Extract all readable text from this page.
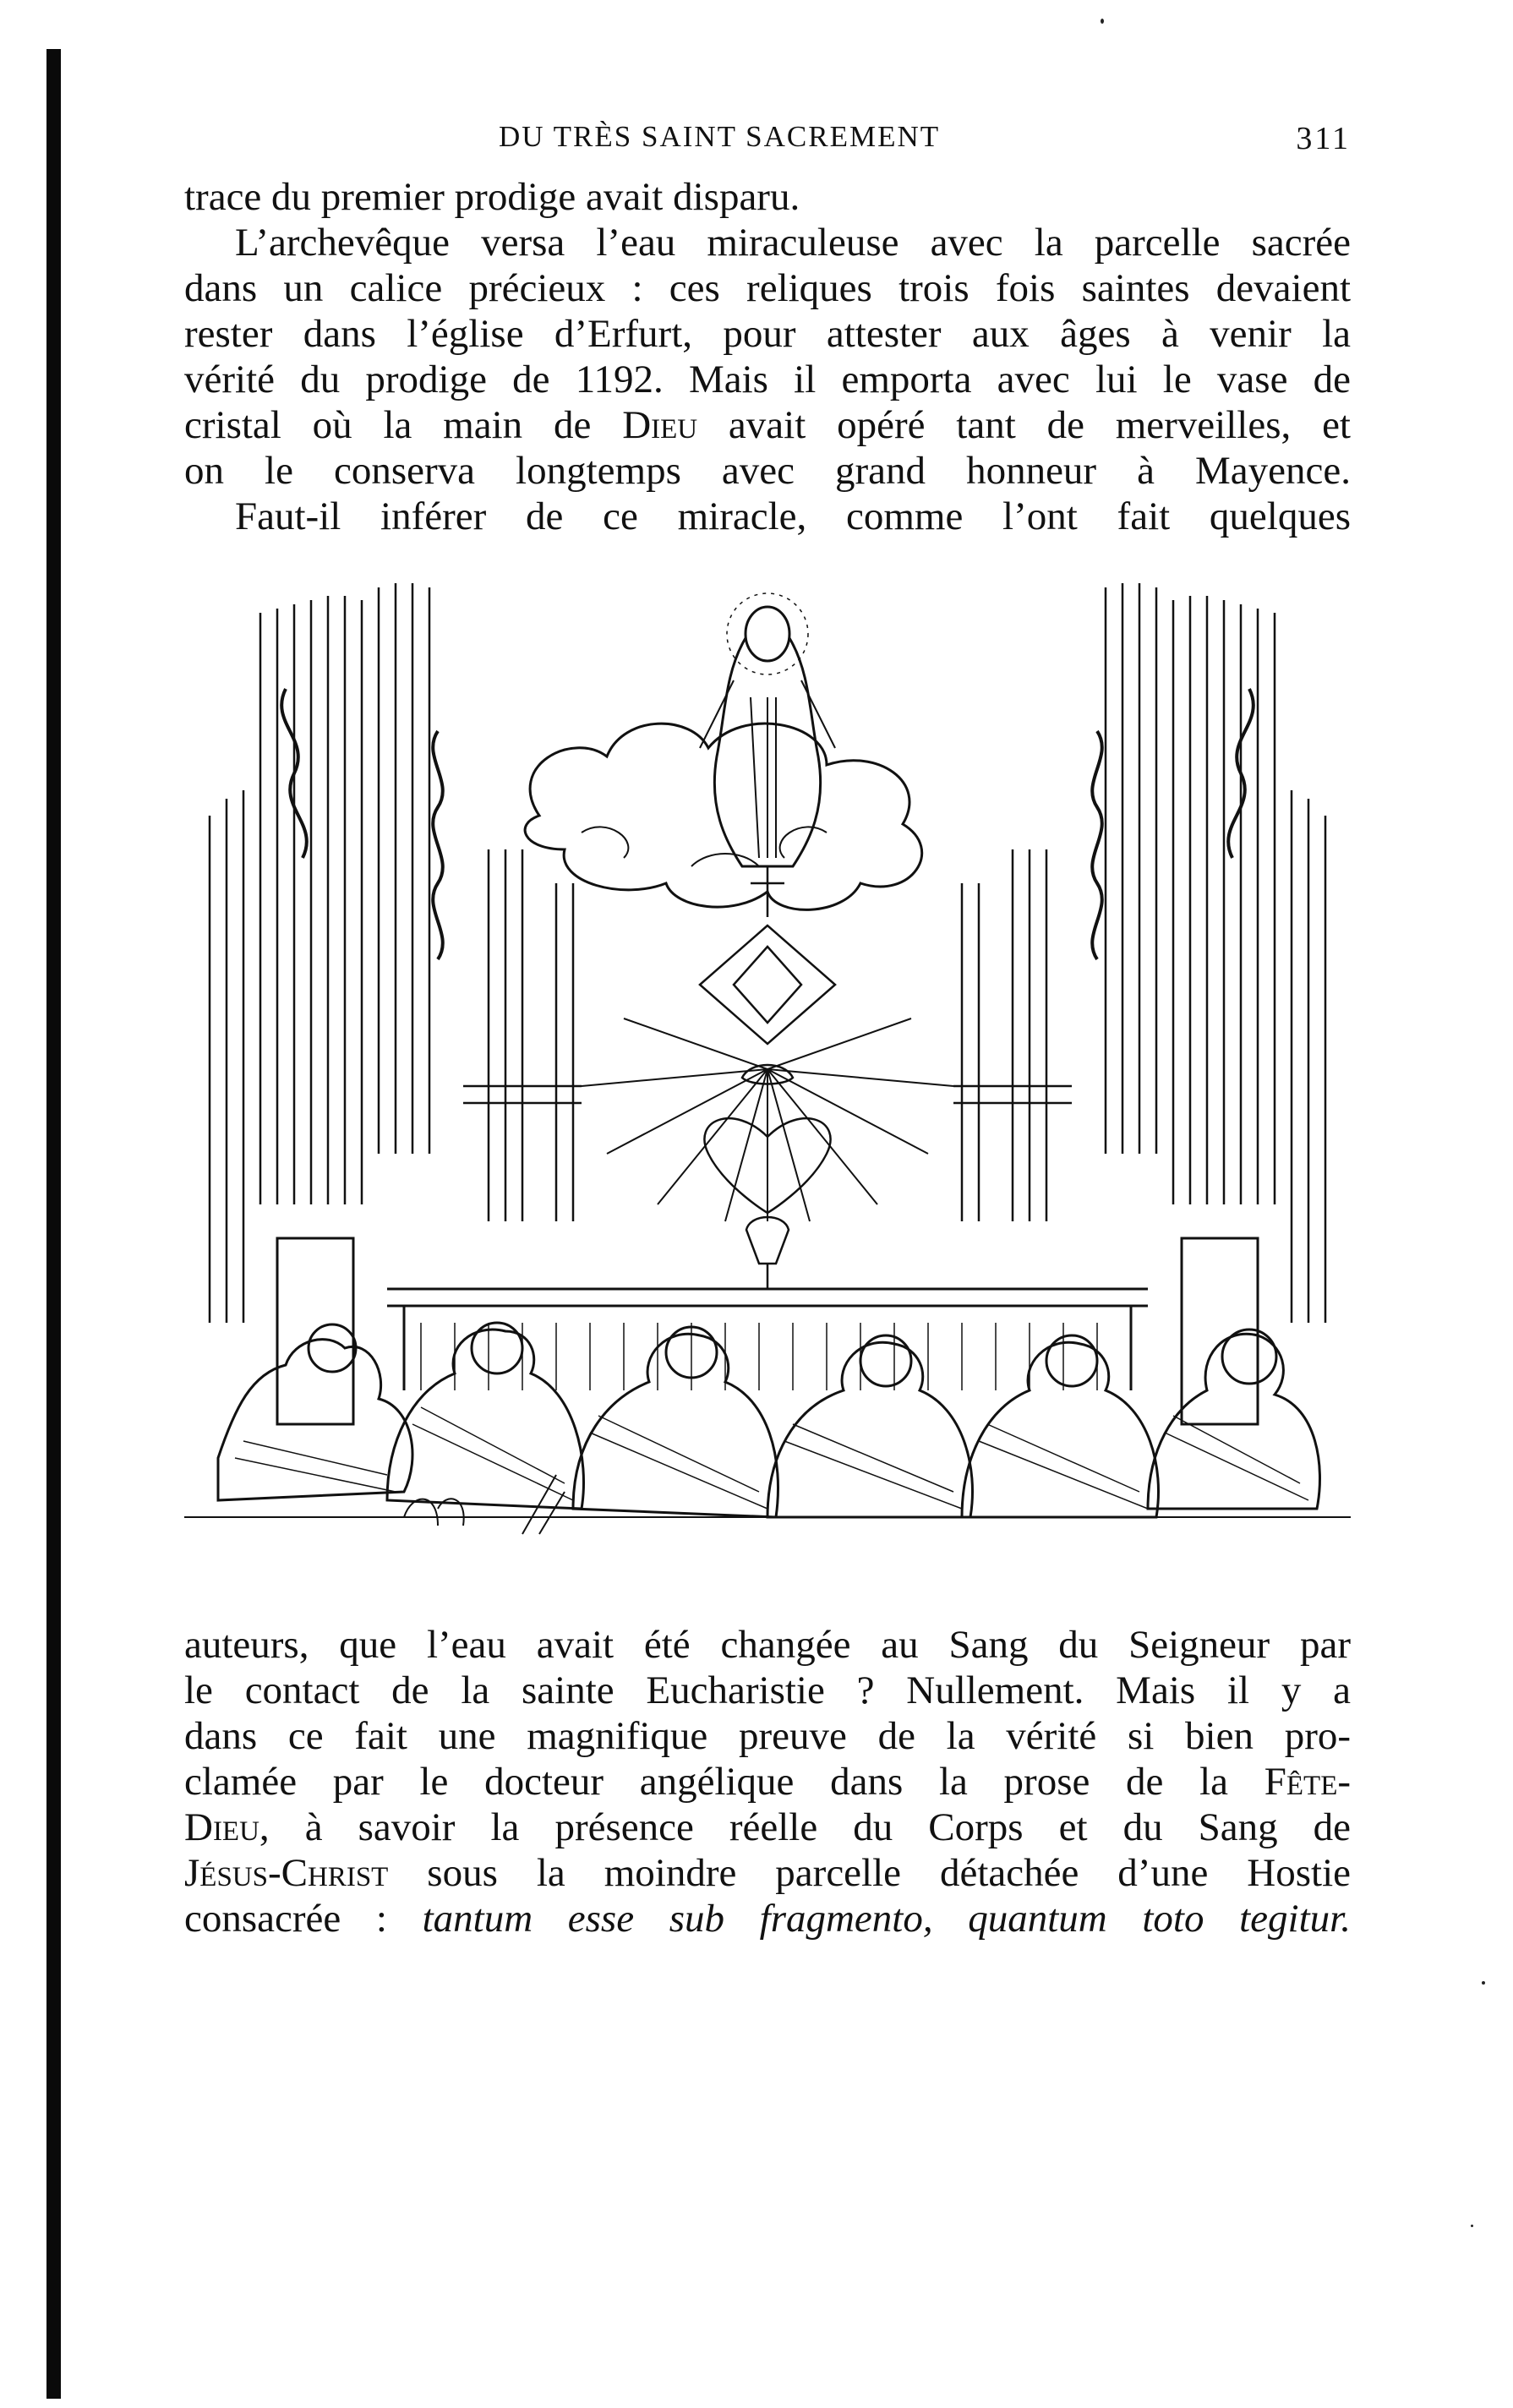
DU TRÈS SAINT SACREMENT	311
trace du premier prodige avait disparu.
L’archevêque versa l’eau miraculeuse avec la parcelle sacrée
dans un calice précieux : ces reliques trois fois saintes devaient
rester dans l’église d’Erfurt, pour attester aux âges à venir la
vérité du prodige de 1192. Mais il emporta avec lui le vase de
cristal où la main de Dieu avait opéré tant de merveilles, et
on le conserva longtemps avec grand honneur à Mayence.
Faut-il inférer de ce miracle, comme l’ont fait quelques
auteurs, que l’eau avait été changée au Sang du Seigneur par
le contact de la sainte Eucharistie ? Nullement. Mais il y a
dans ce fait une magnifique preuve de la vérité si bien pro-
clamée par le docteur angélique dans la prose de la Fête-
Dieu, à savoir la présence réelle du Corps et du Sang de
Jésus-Christ sous la moindre parcelle détachée d’une Hostie
consacrée : tantum esse sub fragmento, quantum toto tegitur.
